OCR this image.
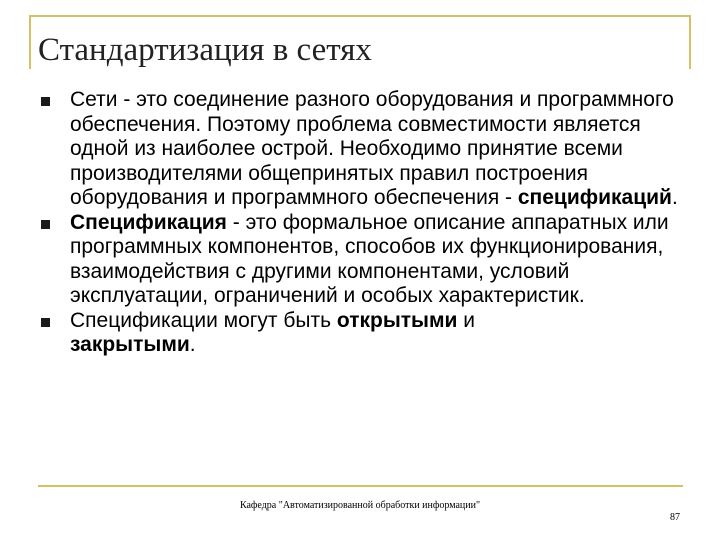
Стандартизация в сетях
Сети - это соединение разного оборудования и программного обеспечения. Поэтому проблема совместимости является одной из наиболее острой. Необходимо принятие всеми производителями общепринятых правил построения оборудования и программного обеспечения - спецификаций.
Спецификация - это формальное описание аппаратных или программных компонентов, способов их функционирования, взаимодействия с другими компонентами, условий эксплуатации, ограничений и особых характеристик.
Спецификации могут быть открытыми и
закрытыми.
Кафедра "Автоматизированной обработки информации"
87
